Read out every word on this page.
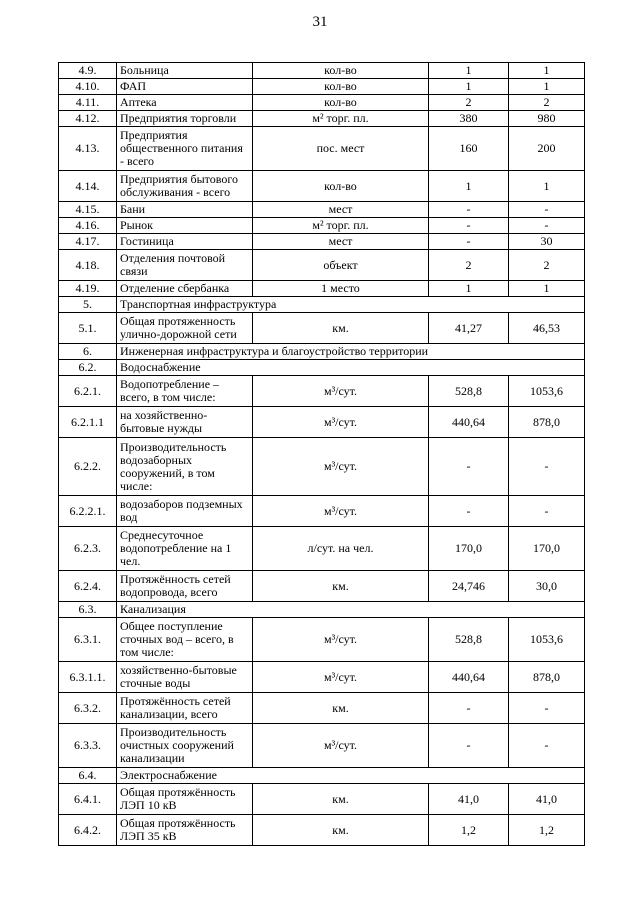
31
4.9.	Больница	кол-во	1	1
4.10.	ФАП	кол-во	1	1
4.11.	Аптека	кол-во	2	2
4.12.	Предприятия торговли	м² торг. пл.	380	980
4.13.	Предприятия общественного питания - всего	пос. мест	160	200
4.14.	Предприятия бытового обслуживания - всего	кол-во	1	1
4.15.	Бани	мест	-	-
4.16.	Рынок	м² торг. пл.	-	-
4.17.	Гостиница	мест	-	30
4.18.	Отделения почтовой связи	объект	2	2
4.19.	Отделение сбербанка	1 место	1	1
5.	Транспортная инфраструктура			
5.1.	Общая протяженность улично-дорожной сети	км.	41,27	46,53
6.	Инженерная инфраструктура и благоустройство территории			
6.2.	Водоснабжение			
6.2.1.	Водопотребление – всего, в том числе:	м³/сут.	528,8	1053,6
6.2.1.1	на хозяйственно-бытовые нужды	м³/сут.	440,64	878,0
6.2.2.	Производительность водозаборных сооружений, в том числе:	м³/сут.	-	-
6.2.2.1.	водозаборов подземных вод	м³/сут.	-	-
6.2.3.	Среднесуточное водопотребление на 1 чел.	л/сут. на чел.	170,0	170,0
6.2.4.	Протяжённость сетей водопровода, всего	км.	24,746	30,0
6.3.	Канализация			
6.3.1.	Общее поступление сточных вод – всего, в том числе:	м³/сут.	528,8	1053,6
6.3.1.1.	хозяйственно-бытовые сточные воды	м³/сут.	440,64	878,0
6.3.2.	Протяжённость сетей канализации, всего	км.	-	-
6.3.3.	Производительность очистных сооружений канализации	м³/сут.	-	-
6.4.	Электроснабжение			
6.4.1.	Общая протяжённость ЛЭП 10 кВ	км.	41,0	41,0
6.4.2.	Общая протяжённость ЛЭП 35 кВ	км.	1,2	1,2
